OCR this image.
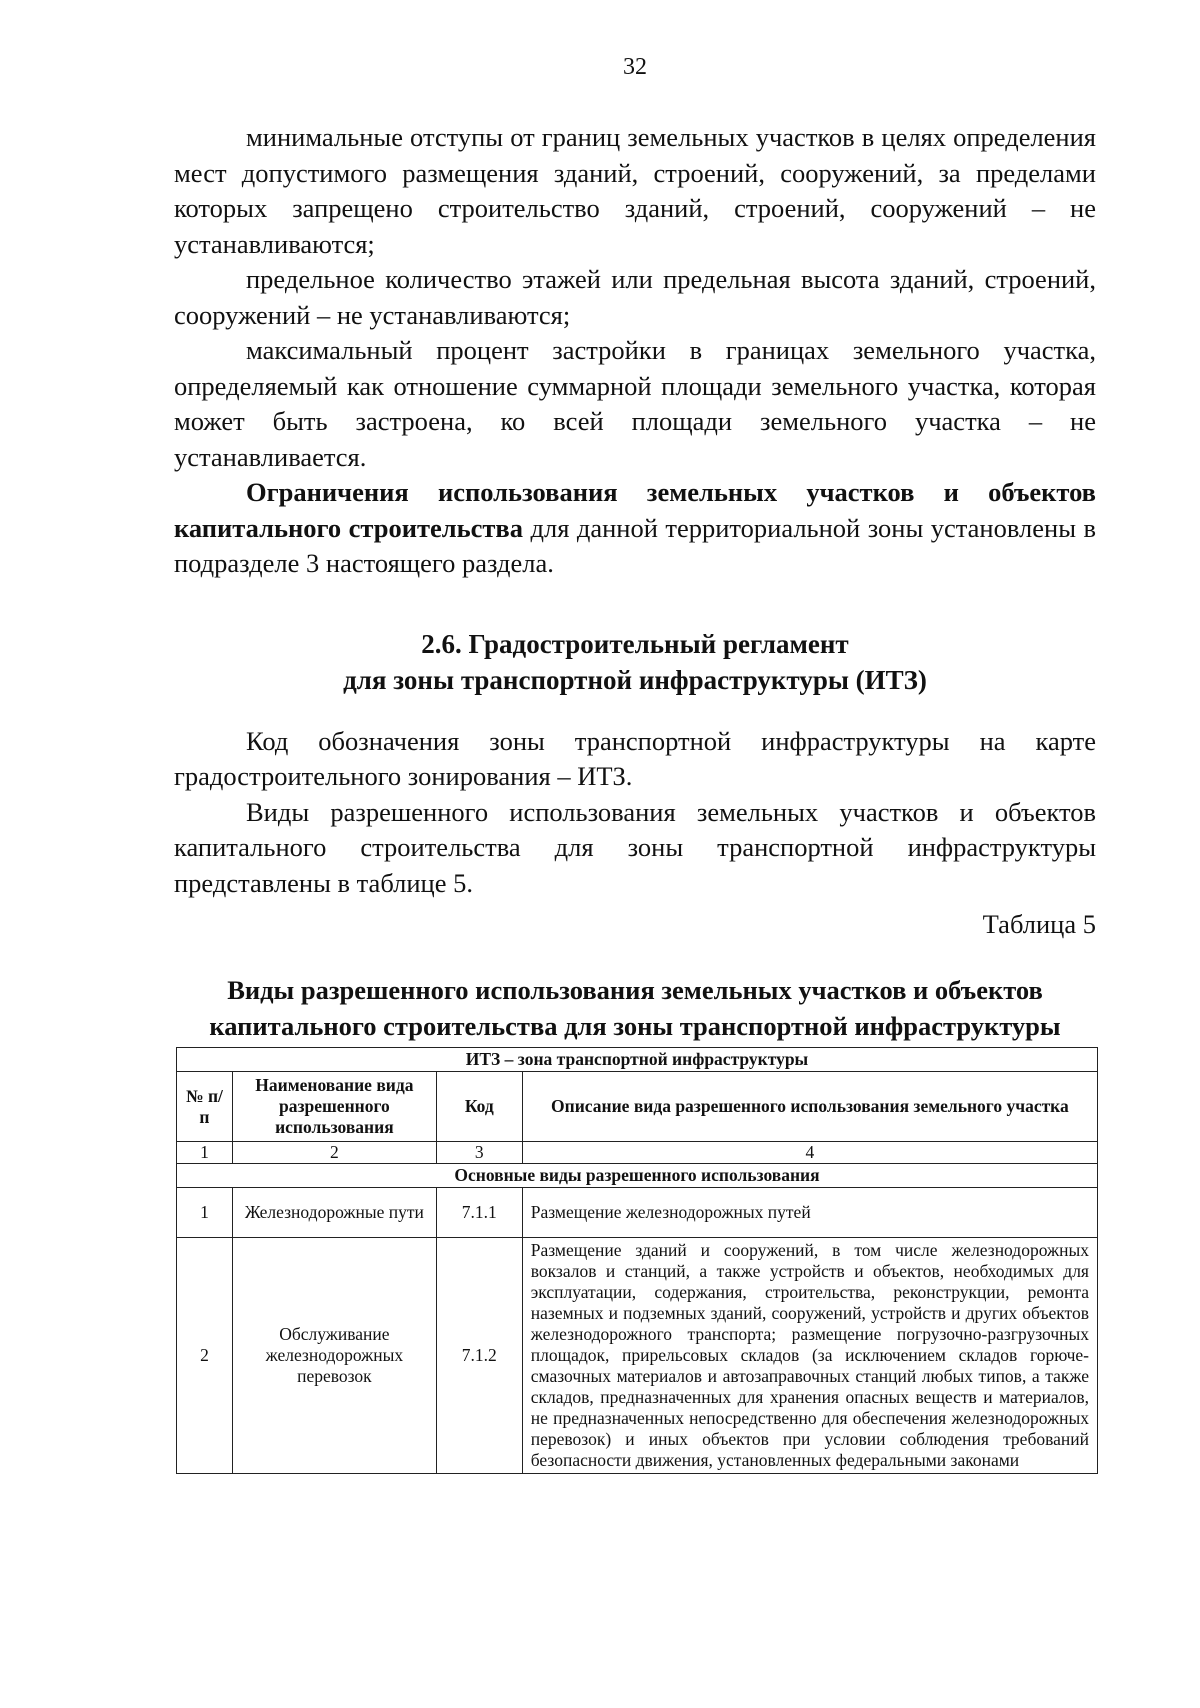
32

минимальные отступы от границ земельных участков в целях определения мест допустимого размещения зданий, строений, сооружений, за пределами которых запрещено строительство зданий, строений, сооружений – не устанавливаются;

предельное количество этажей или предельная высота зданий, строений, сооружений – не устанавливаются;

максимальный процент застройки в границах земельного участка, определяемый как отношение суммарной площади земельного участка, которая может быть застроена, ко всей площади земельного участка – не устанавливается.

Ограничения использования земельных участков и объектов капитального строительства для данной территориальной зоны установлены в подразделе 3 настоящего раздела.

2.6. Градостроительный регламент
для зоны транспортной инфраструктуры (ИТЗ)

Код обозначения зоны транспортной инфраструктуры на карте градостроительного зонирования – ИТЗ.

Виды разрешенного использования земельных участков и объектов капитального строительства для зоны транспортной инфраструктуры представлены в таблице 5.

Таблица 5
Виды разрешенного использования земельных участков и объектов
капитального строительства для зоны транспортной инфраструктуры
ИТЗ – зона транспортной инфраструктуры			
№ п/п	Наименование вида разрешенного использования	Код	Описание вида разрешенного использования земельного участка
1	2	3	4
Основные виды разрешенного использования			
1	Железнодорожные пути	7.1.1	Размещение железнодорожных путей
2	Обслуживание железнодорожных перевозок	7.1.2	Размещение зданий и сооружений, в том числе железнодорожных вокзалов и станций, а также устройств и объектов, необходимых для эксплуатации, содержания, строительства, реконструкции, ремонта наземных и подземных зданий, сооружений, устройств и других объектов железнодорожного транспорта; размещение погрузочно-разгрузочных площадок, прирельсовых складов (за исключением складов горюче-смазочных материалов и автозаправочных станций любых типов, а также складов, предназначенных для хранения опасных веществ и материалов, не предназначенных непосредственно для обеспечения железнодорожных перевозок) и иных объектов при условии соблюдения требований безопасности движения, установленных федеральными законами
